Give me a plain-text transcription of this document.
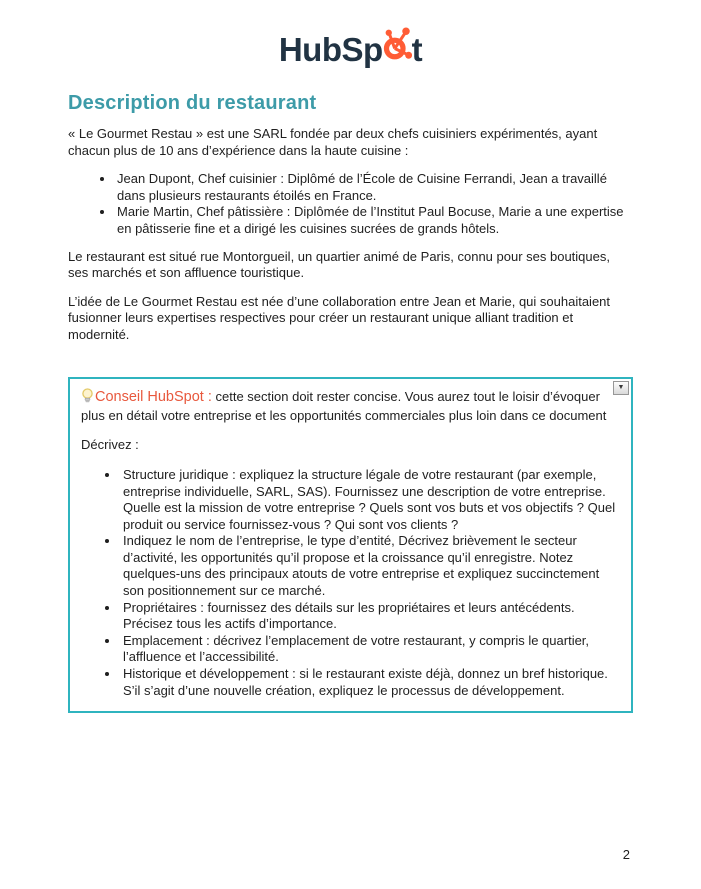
HubSp t
Description du restaurant

« Le Gourmet Restau » est une SARL fondée par deux chefs cuisiniers expérimentés, ayant chacun plus de 10 ans d’expérience dans la haute cuisine :

• Jean Dupont, Chef cuisinier : Diplômé de l’École de Cuisine Ferrandi, Jean a travaillé dans plusieurs restaurants étoilés en France.
• Marie Martin, Chef pâtissière : Diplômée de l’Institut Paul Bocuse, Marie a une expertise en pâtisserie fine et a dirigé les cuisines sucrées de grands hôtels.

Le restaurant est situé rue Montorgueil, un quartier animé de Paris, connu pour ses boutiques, ses marchés et son affluence touristique.

L’idée de Le Gourmet Restau est née d’une collaboration entre Jean et Marie, qui souhaitaient fusionner leurs expertises respectives pour créer un restaurant unique alliant tradition et modernité.

▼

Conseil HubSpot : cette section doit rester concise. Vous aurez tout le loisir d’évoquer plus en détail votre entreprise et les opportunités commerciales plus loin dans ce document

Décrivez :

• Structure juridique : expliquez la structure légale de votre restaurant (par exemple, entreprise individuelle, SARL, SAS). Fournissez une description de votre entreprise. Quelle est la mission de votre entreprise ? Quels sont vos buts et vos objectifs ? Quel produit ou service fournissez-vous ? Qui sont vos clients ?
• Indiquez le nom de l’entreprise, le type d’entité, Décrivez brièvement le secteur d’activité, les opportunités qu’il propose et la croissance qu’il enregistre. Notez quelques-uns des principaux atouts de votre entreprise et expliquez succinctement son positionnement sur ce marché.
• Propriétaires : fournissez des détails sur les propriétaires et leurs antécédents. Précisez tous les actifs d’importance.
• Emplacement : décrivez l’emplacement de votre restaurant, y compris le quartier, l’affluence et l’accessibilité.
• Historique et développement : si le restaurant existe déjà, donnez un bref historique. S’il s’agit d’une nouvelle création, expliquez le processus de développement.
2
